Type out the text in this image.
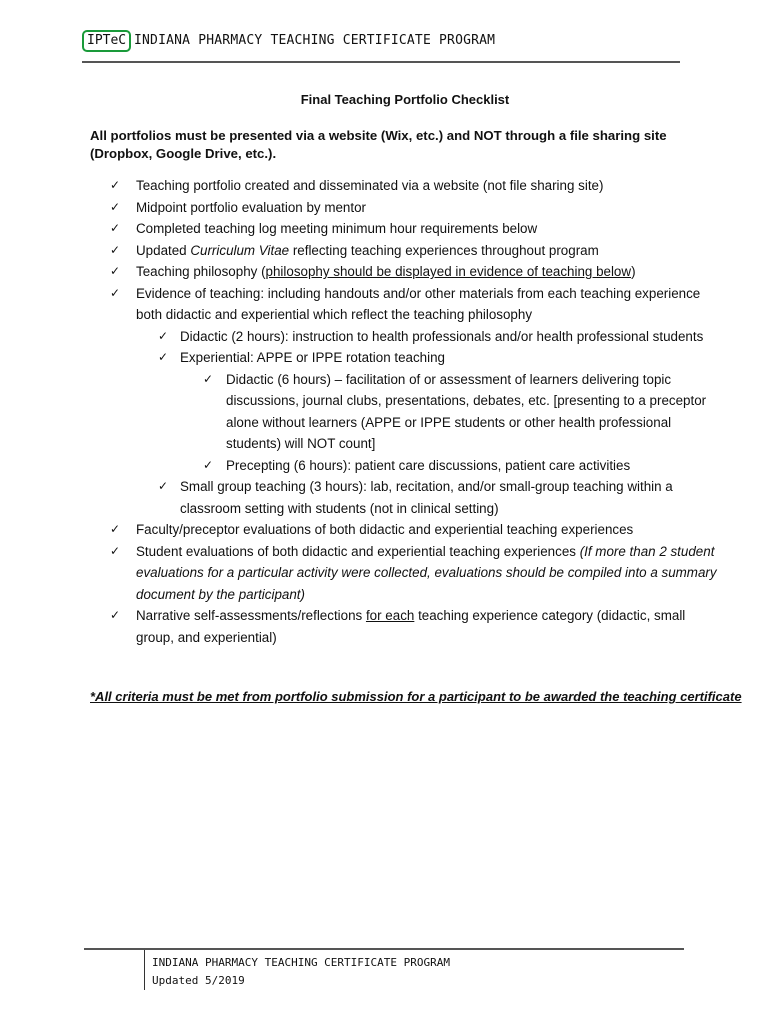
IPTeC INDIANA PHARMACY TEACHING CERTIFICATE PROGRAM
Final Teaching Portfolio Checklist
All portfolios must be presented via a website (Wix, etc.) and NOT through a file sharing site
(Dropbox, Google Drive, etc.).
✓ Teaching portfolio created and disseminated via a website (not file sharing site)
✓ Midpoint portfolio evaluation by mentor
✓ Completed teaching log meeting minimum hour requirements below
✓ Updated Curriculum Vitae reflecting teaching experiences throughout program
✓ Teaching philosophy (philosophy should be displayed in evidence of teaching below)
✓ Evidence of teaching: including handouts and/or other materials from each teaching experience
both didactic and experiential which reflect the teaching philosophy
✓ Didactic (2 hours): instruction to health professionals and/or health professional students
✓ Experiential: APPE or IPPE rotation teaching
✓ Didactic (6 hours) – facilitation of or assessment of learners delivering topic
discussions, journal clubs, presentations, debates, etc. [presenting to a preceptor
alone without learners (APPE or IPPE students or other health professional
students) will NOT count]
✓ Precepting (6 hours): patient care discussions, patient care activities
✓ Small group teaching (3 hours): lab, recitation, and/or small-group teaching within a
classroom setting with students (not in clinical setting)
✓ Faculty/preceptor evaluations of both didactic and experiential teaching experiences
✓ Student evaluations of both didactic and experiential teaching experiences (If more than 2 student
evaluations for a particular activity were collected, evaluations should be compiled into a summary
document by the participant)
✓ Narrative self-assessments/reflections for each teaching experience category (didactic, small
group, and experiential)
*All criteria must be met from portfolio submission for a participant to be awarded the teaching certificate
INDIANA PHARMACY TEACHING CERTIFICATE PROGRAM
Updated 5/2019
